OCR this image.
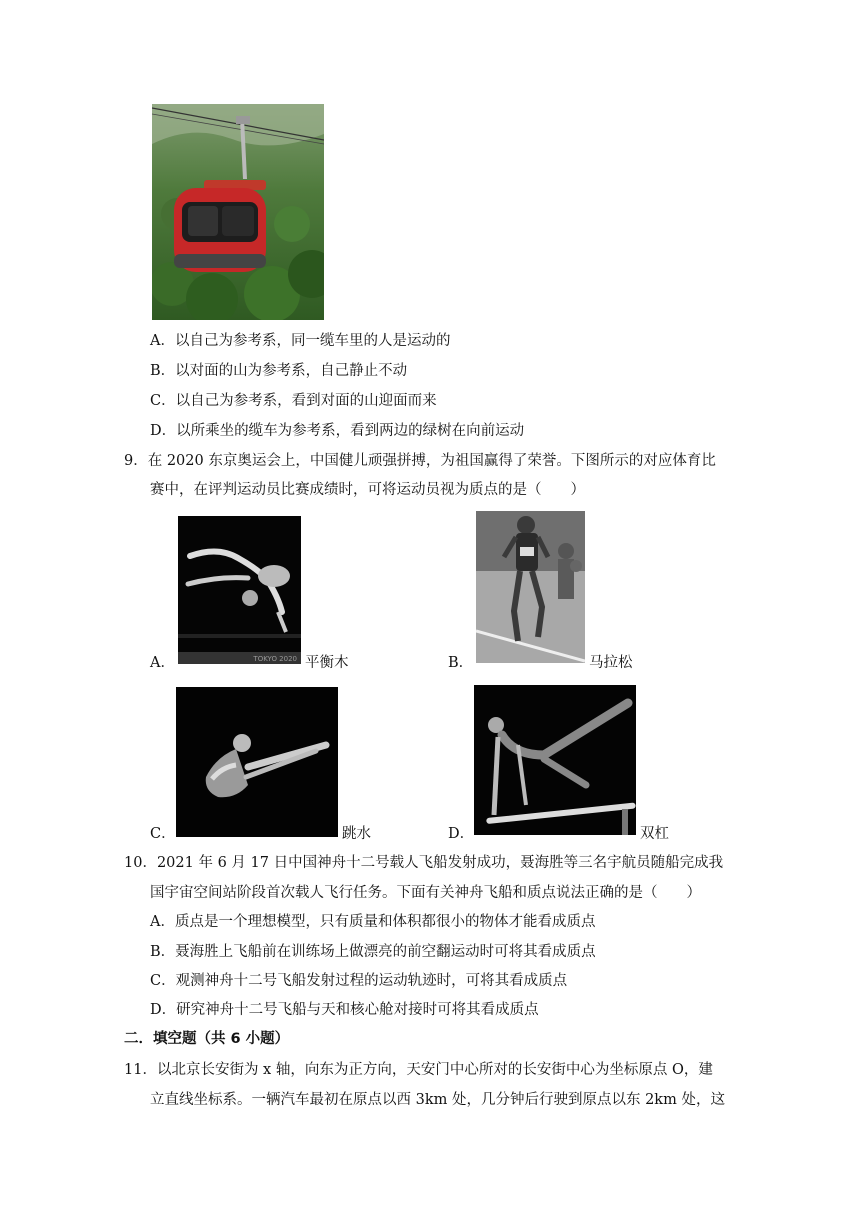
A．以自己为参考系，同一缆车里的人是运动的
B．以对面的山为参考系，自己静止不动
C．以自己为参考系，看到对面的山迎面而来
D．以所乘坐的缆车为参考系，看到两边的绿树在向前运动
9．在 2020 东京奥运会上，中国健儿顽强拼搏，为祖国赢得了荣誉。下图所示的对应体育比
赛中，在评判运动员比赛成绩时，可将运动员视为质点的是（　　）
A．	TOKYO 2020 平衡木	B．	马拉松
C．	跳水	D．	双杠
10．2021 年 6 月 17 日中国神舟十二号载人飞船发射成功，聂海胜等三名宇航员随船完成我
国宇宙空间站阶段首次载人飞行任务。下面有关神舟飞船和质点说法正确的是（　　）
A．质点是一个理想模型，只有质量和体积都很小的物体才能看成质点
B．聂海胜上飞船前在训练场上做漂亮的前空翻运动时可将其看成质点
C．观测神舟十二号飞船发射过程的运动轨迹时，可将其看成质点
D．研究神舟十二号飞船与天和核心舱对接时可将其看成质点
二．填空题（共 6 小题）
11．以北京长安街为 x 轴，向东为正方向，天安门中心所对的长安街中心为坐标原点 O，建
立直线坐标系。一辆汽车最初在原点以西 3km 处，几分钟后行驶到原点以东 2km 处，这
